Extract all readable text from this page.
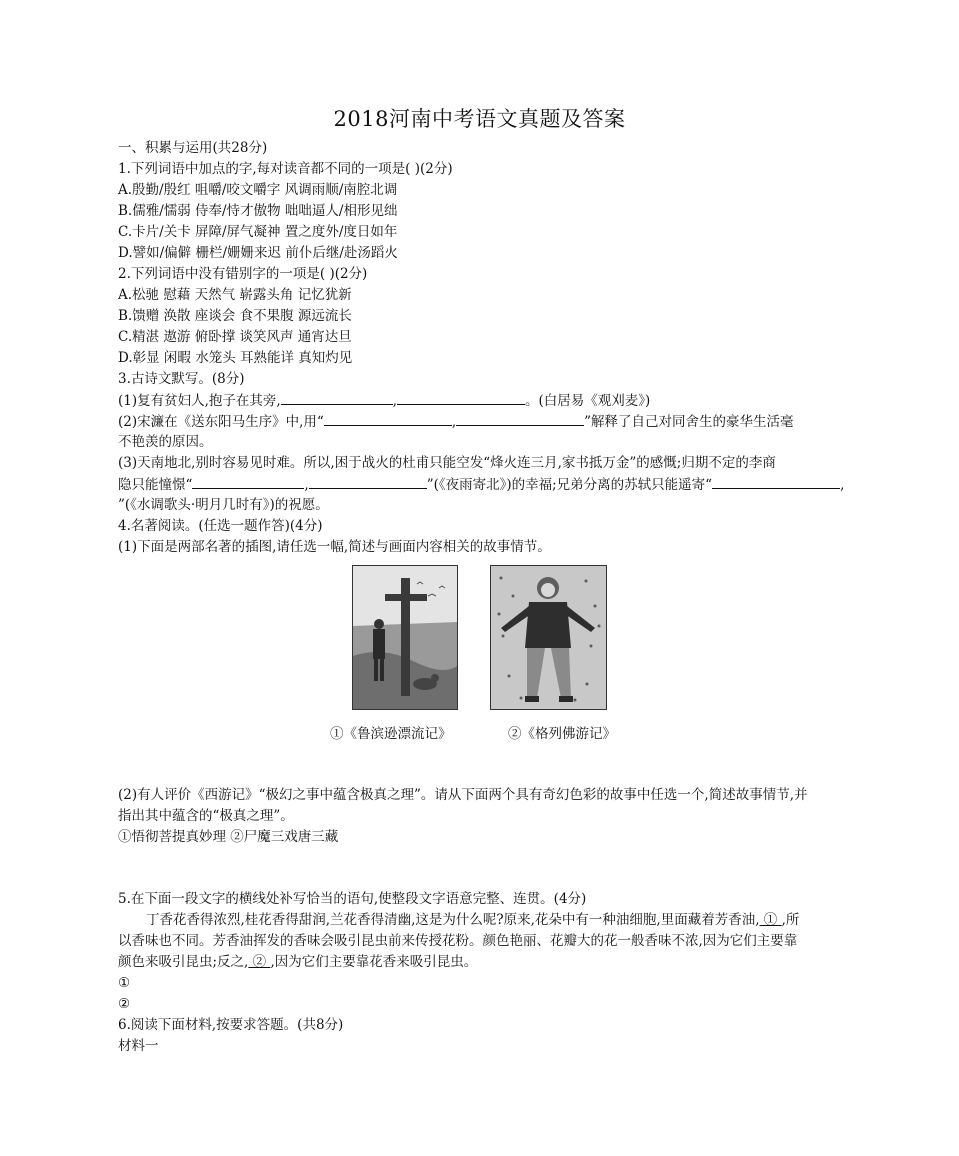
2018河南中考语文真题及答案
一、积累与运用(共28分)
1.下列词语中加点的字,每对读音都不同的一项是( )(2分)
A.殷勤/殷红 咀嚼/咬文嚼字 风调雨顺/南腔北调
B.儒雅/懦弱 侍奉/恃才傲物 咄咄逼人/相形见绌
C.卡片/关卡 屏障/屏气凝神 置之度外/度日如年
D.譬如/偏僻 栅栏/姗姗来迟 前仆后继/赴汤蹈火
2.下列词语中没有错别字的一项是( )(2分)
A.松驰 慰藉 天然气 崭露头角 记忆犹新
B.馈赠 涣散 座谈会 食不果腹 源远流长
C.精湛 遨游 俯卧撑 谈笑风声 通宵达旦
D.彰显 闲暇 水笼头 耳熟能详 真知灼见
3.古诗文默写。(8分)
(1)复有贫妇人,抱子在其旁,	,	。(白居易《观刈麦》)
(2)宋濂在《送东阳马生序》中,用“	,	”解释了自己对同舍生的豪华生活毫
不艳羡的原因。
(3)天南地北,别时容易见时难。所以,困于战火的杜甫只能空发“烽火连三月,家书抵万金”的感慨;归期不定的李商
隐只能憧憬“	,	”(《夜雨寄北》)的幸福;兄弟分离的苏轼只能遥寄“	,
”(《水调歌头·明月几时有》)的祝愿。
4.名著阅读。(任选一题作答)(4分)
(1)下面是两部名著的插图,请任选一幅,简述与画面内容相关的故事情节。
①《鲁滨逊漂流记》	②《格列佛游记》
(2)有人评价《西游记》“极幻之事中蕴含极真之理”。请从下面两个具有奇幻色彩的故事中任选一个,简述故事情节,并
指出其中蕴含的“极真之理”。
①悟彻菩提真妙理 ②尸魔三戏唐三藏
5.在下面一段文字的横线处补写恰当的语句,使整段文字语意完整、连贯。(4分)
丁香花香得浓烈,桂花香得甜润,兰花香得清幽,这是为什么呢?原来,花朵中有一种油细胞,里面藏着芳香油, ① ,所
以香味也不同。芳香油挥发的香味会吸引昆虫前来传授花粉。颜色艳丽、花瓣大的花一般香味不浓,因为它们主要靠
颜色来吸引昆虫;反之, ② ,因为它们主要靠花香来吸引昆虫。
①
②
6.阅读下面材料,按要求答题。(共8分)
材料一
